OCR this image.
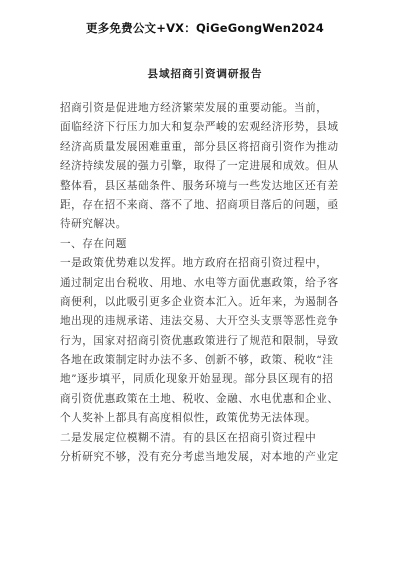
更多免费公文+VX：QiGeGongWen2024
县域招商引资调研报告
招商引资是促进地方经济繁荣发展的重要动能。当前，
面临经济下行压力加大和复杂严峻的宏观经济形势，县域
经济高质量发展困难重重，部分县区将招商引资作为推动
经济持续发展的强力引擎，取得了一定进展和成效。但从
整体看，县区基础条件、服务环境与一些发达地区还有差
距，存在招不来商、落不了地、招商项目落后的问题，亟
待研究解决。
一、存在问题
一是政策优势难以发挥。地方政府在招商引资过程中，
通过制定出台税收、用地、水电等方面优惠政策，给予客
商便利，以此吸引更多企业资本汇入。近年来，为遏制各
地出现的违规承诺、违法交易、大开空头支票等恶性竞争
行为，国家对招商引资优惠政策进行了规范和限制，导致
各地在政策制定时办法不多、创新不够，政策、税收“洼
地”逐步填平，同质化现象开始显现。部分县区现有的招
商引资优惠政策在土地、税收、金融、水电优惠和企业、
个人奖补上都具有高度相似性，政策优势无法体现。
二是发展定位模糊不清。有的县区在招商引资过程中
分析研究不够，没有充分考虑当地发展，对本地的产业定
